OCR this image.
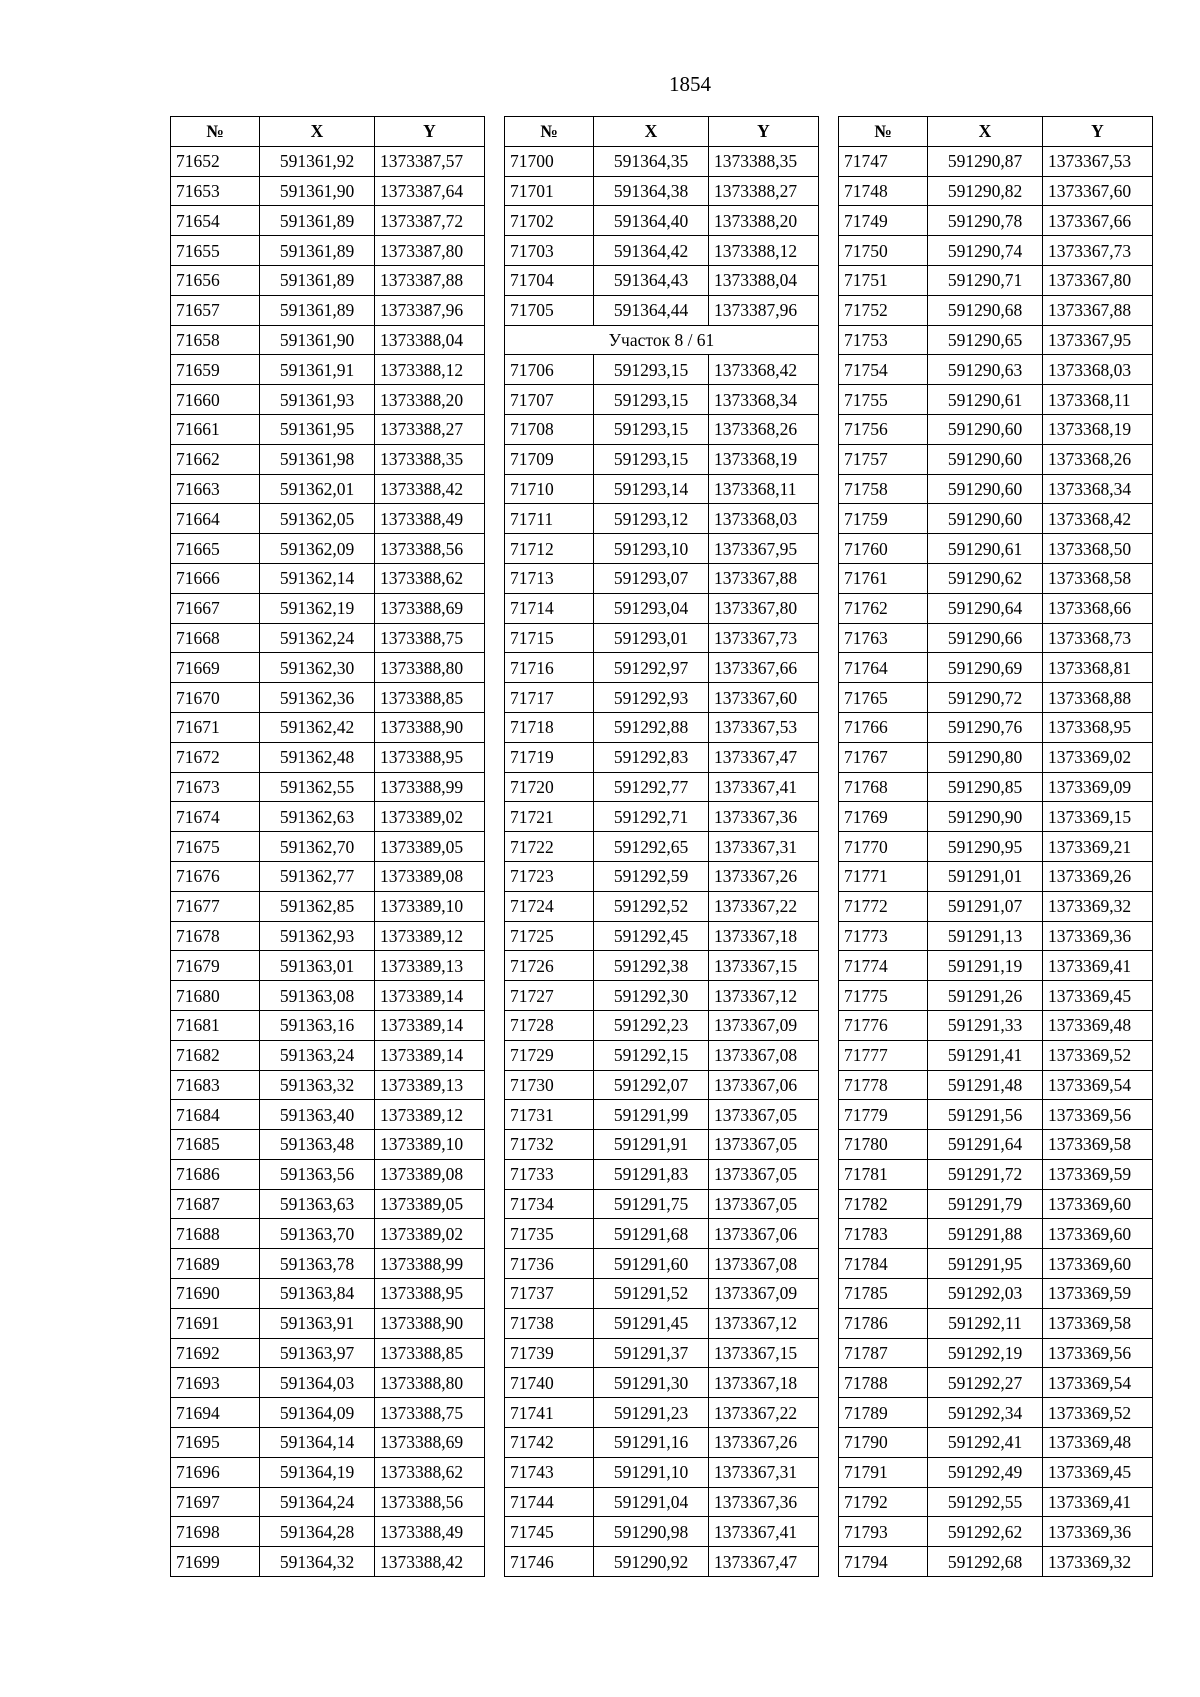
1854
№	X	Y
71652	591361,92	1373387,57
71653	591361,90	1373387,64
71654	591361,89	1373387,72
71655	591361,89	1373387,80
71656	591361,89	1373387,88
71657	591361,89	1373387,96
71658	591361,90	1373388,04
71659	591361,91	1373388,12
71660	591361,93	1373388,20
71661	591361,95	1373388,27
71662	591361,98	1373388,35
71663	591362,01	1373388,42
71664	591362,05	1373388,49
71665	591362,09	1373388,56
71666	591362,14	1373388,62
71667	591362,19	1373388,69
71668	591362,24	1373388,75
71669	591362,30	1373388,80
71670	591362,36	1373388,85
71671	591362,42	1373388,90
71672	591362,48	1373388,95
71673	591362,55	1373388,99
71674	591362,63	1373389,02
71675	591362,70	1373389,05
71676	591362,77	1373389,08
71677	591362,85	1373389,10
71678	591362,93	1373389,12
71679	591363,01	1373389,13
71680	591363,08	1373389,14
71681	591363,16	1373389,14
71682	591363,24	1373389,14
71683	591363,32	1373389,13
71684	591363,40	1373389,12
71685	591363,48	1373389,10
71686	591363,56	1373389,08
71687	591363,63	1373389,05
71688	591363,70	1373389,02
71689	591363,78	1373388,99
71690	591363,84	1373388,95
71691	591363,91	1373388,90
71692	591363,97	1373388,85
71693	591364,03	1373388,80
71694	591364,09	1373388,75
71695	591364,14	1373388,69
71696	591364,19	1373388,62
71697	591364,24	1373388,56
71698	591364,28	1373388,49
71699	591364,32	1373388,42
№	X	Y
71700	591364,35	1373388,35
71701	591364,38	1373388,27
71702	591364,40	1373388,20
71703	591364,42	1373388,12
71704	591364,43	1373388,04
71705	591364,44	1373387,96
Участок 8 / 61		
71706	591293,15	1373368,42
71707	591293,15	1373368,34
71708	591293,15	1373368,26
71709	591293,15	1373368,19
71710	591293,14	1373368,11
71711	591293,12	1373368,03
71712	591293,10	1373367,95
71713	591293,07	1373367,88
71714	591293,04	1373367,80
71715	591293,01	1373367,73
71716	591292,97	1373367,66
71717	591292,93	1373367,60
71718	591292,88	1373367,53
71719	591292,83	1373367,47
71720	591292,77	1373367,41
71721	591292,71	1373367,36
71722	591292,65	1373367,31
71723	591292,59	1373367,26
71724	591292,52	1373367,22
71725	591292,45	1373367,18
71726	591292,38	1373367,15
71727	591292,30	1373367,12
71728	591292,23	1373367,09
71729	591292,15	1373367,08
71730	591292,07	1373367,06
71731	591291,99	1373367,05
71732	591291,91	1373367,05
71733	591291,83	1373367,05
71734	591291,75	1373367,05
71735	591291,68	1373367,06
71736	591291,60	1373367,08
71737	591291,52	1373367,09
71738	591291,45	1373367,12
71739	591291,37	1373367,15
71740	591291,30	1373367,18
71741	591291,23	1373367,22
71742	591291,16	1373367,26
71743	591291,10	1373367,31
71744	591291,04	1373367,36
71745	591290,98	1373367,41
71746	591290,92	1373367,47
№	X	Y
71747	591290,87	1373367,53
71748	591290,82	1373367,60
71749	591290,78	1373367,66
71750	591290,74	1373367,73
71751	591290,71	1373367,80
71752	591290,68	1373367,88
71753	591290,65	1373367,95
71754	591290,63	1373368,03
71755	591290,61	1373368,11
71756	591290,60	1373368,19
71757	591290,60	1373368,26
71758	591290,60	1373368,34
71759	591290,60	1373368,42
71760	591290,61	1373368,50
71761	591290,62	1373368,58
71762	591290,64	1373368,66
71763	591290,66	1373368,73
71764	591290,69	1373368,81
71765	591290,72	1373368,88
71766	591290,76	1373368,95
71767	591290,80	1373369,02
71768	591290,85	1373369,09
71769	591290,90	1373369,15
71770	591290,95	1373369,21
71771	591291,01	1373369,26
71772	591291,07	1373369,32
71773	591291,13	1373369,36
71774	591291,19	1373369,41
71775	591291,26	1373369,45
71776	591291,33	1373369,48
71777	591291,41	1373369,52
71778	591291,48	1373369,54
71779	591291,56	1373369,56
71780	591291,64	1373369,58
71781	591291,72	1373369,59
71782	591291,79	1373369,60
71783	591291,88	1373369,60
71784	591291,95	1373369,60
71785	591292,03	1373369,59
71786	591292,11	1373369,58
71787	591292,19	1373369,56
71788	591292,27	1373369,54
71789	591292,34	1373369,52
71790	591292,41	1373369,48
71791	591292,49	1373369,45
71792	591292,55	1373369,41
71793	591292,62	1373369,36
71794	591292,68	1373369,32
